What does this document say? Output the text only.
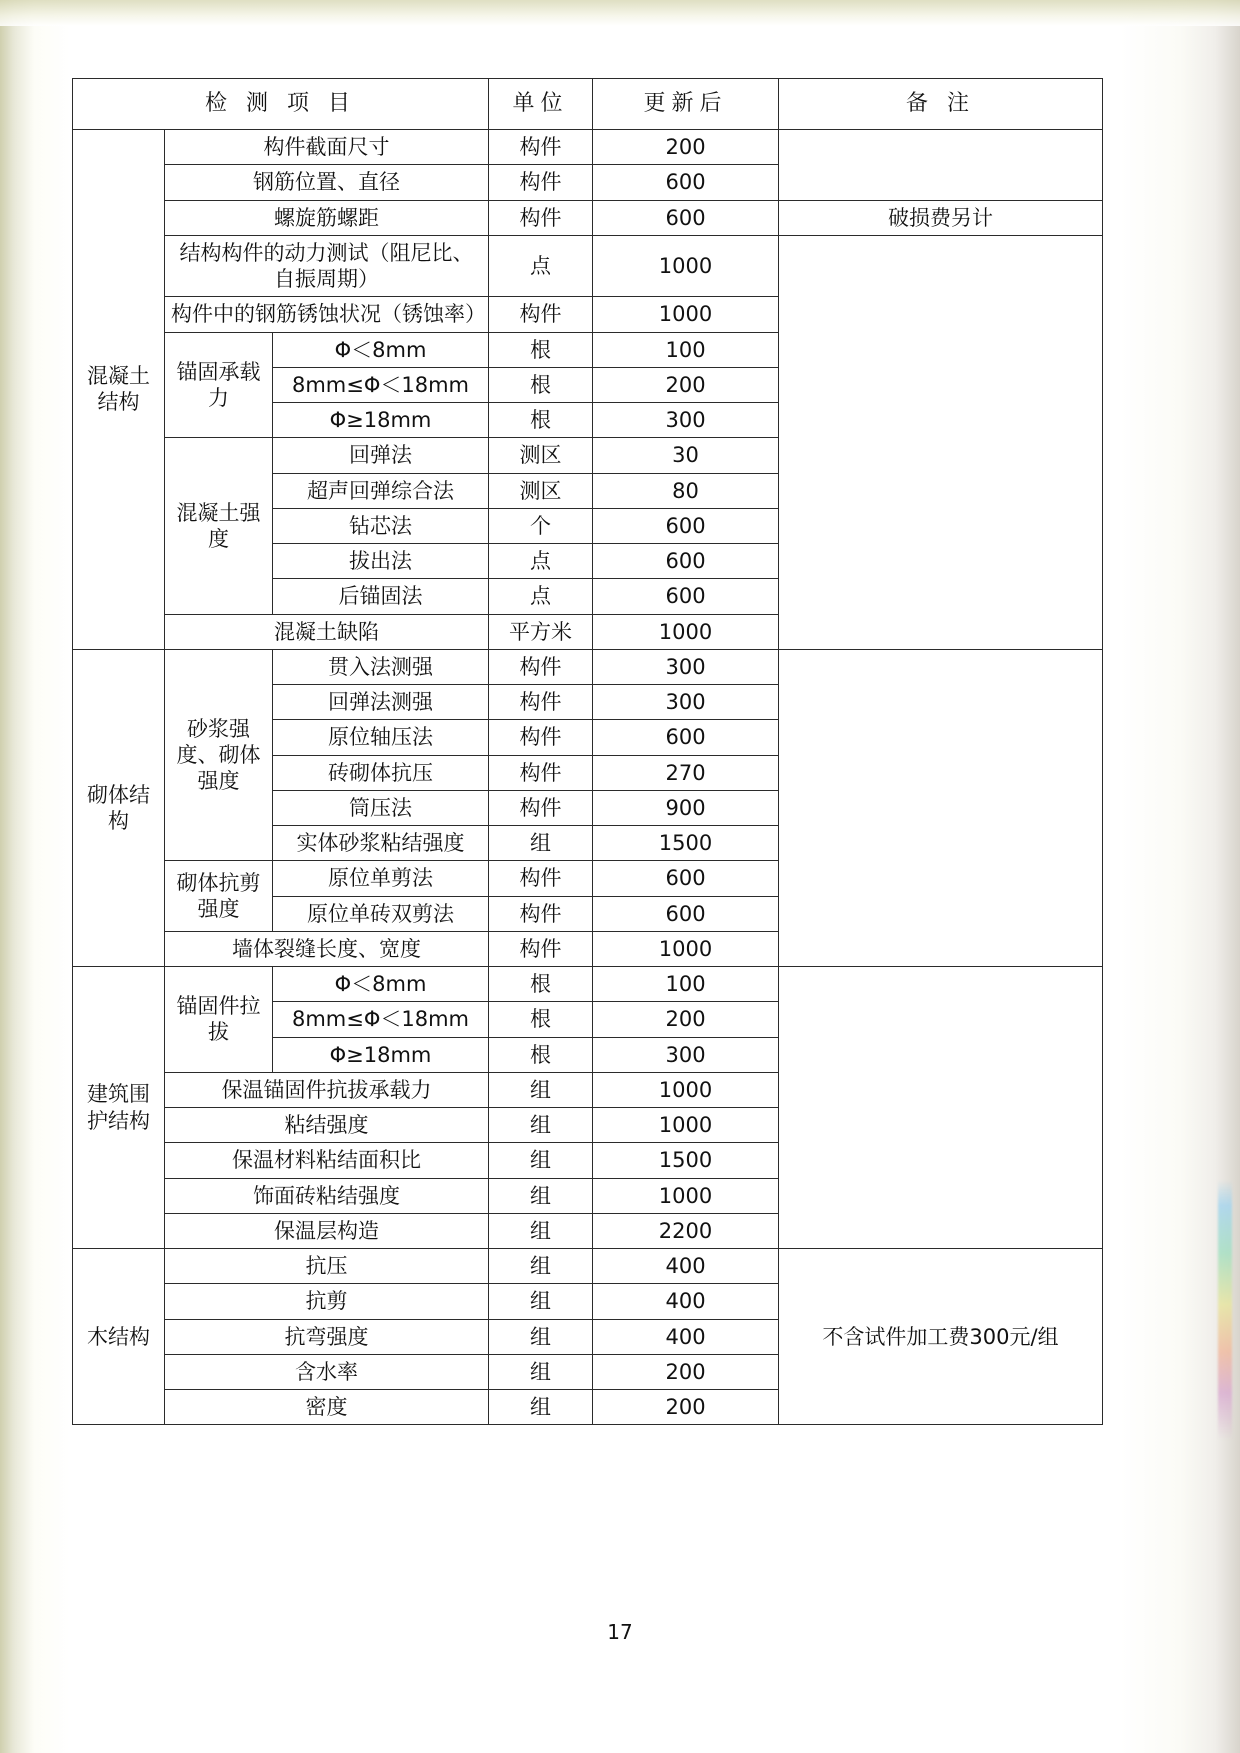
检 测 项 目			单位	更新后	备 注
混凝土结构	构件截面尺寸		构件	200	
	钢筋位置、直径		构件	600	
	螺旋筋螺距		构件	600	破损费另计
	结构构件的动力测试（阻尼比、自振周期）		点	1000	
	构件中的钢筋锈蚀状况（锈蚀率）		构件	1000	
	锚固承载力	Φ＜8mm	根	100	
		8mm≤Φ＜18mm	根	200	
		Φ≥18mm	根	300	
	混凝土强度	回弹法	测区	30	
		超声回弹综合法	测区	80	
		钻芯法	个	600	
		拔出法	点	600	
		后锚固法	点	600	
	混凝土缺陷		平方米	1000	
砌体结构	砂浆强度、砌体强度	贯入法测强	构件	300	
		回弹法测强	构件	300	
		原位轴压法	构件	600	
		砖砌体抗压	构件	270	
		筒压法	构件	900	
		实体砂浆粘结强度	组	1500	
	砌体抗剪强度	原位单剪法	构件	600	
		原位单砖双剪法	构件	600	
	墙体裂缝长度、宽度		构件	1000	
建筑围护结构	锚固件拉拔	Φ＜8mm	根	100	
		8mm≤Φ＜18mm	根	200	
		Φ≥18mm	根	300	
	保温锚固件抗拔承载力		组	1000	
	粘结强度		组	1000	
	保温材料粘结面积比		组	1500	
	饰面砖粘结强度		组	1000	
	保温层构造		组	2200	
木结构	抗压		组	400	不含试件加工费300元/组
	抗剪		组	400	
	抗弯强度		组	400	
	含水率		组	200	
	密度		组	200	
17
